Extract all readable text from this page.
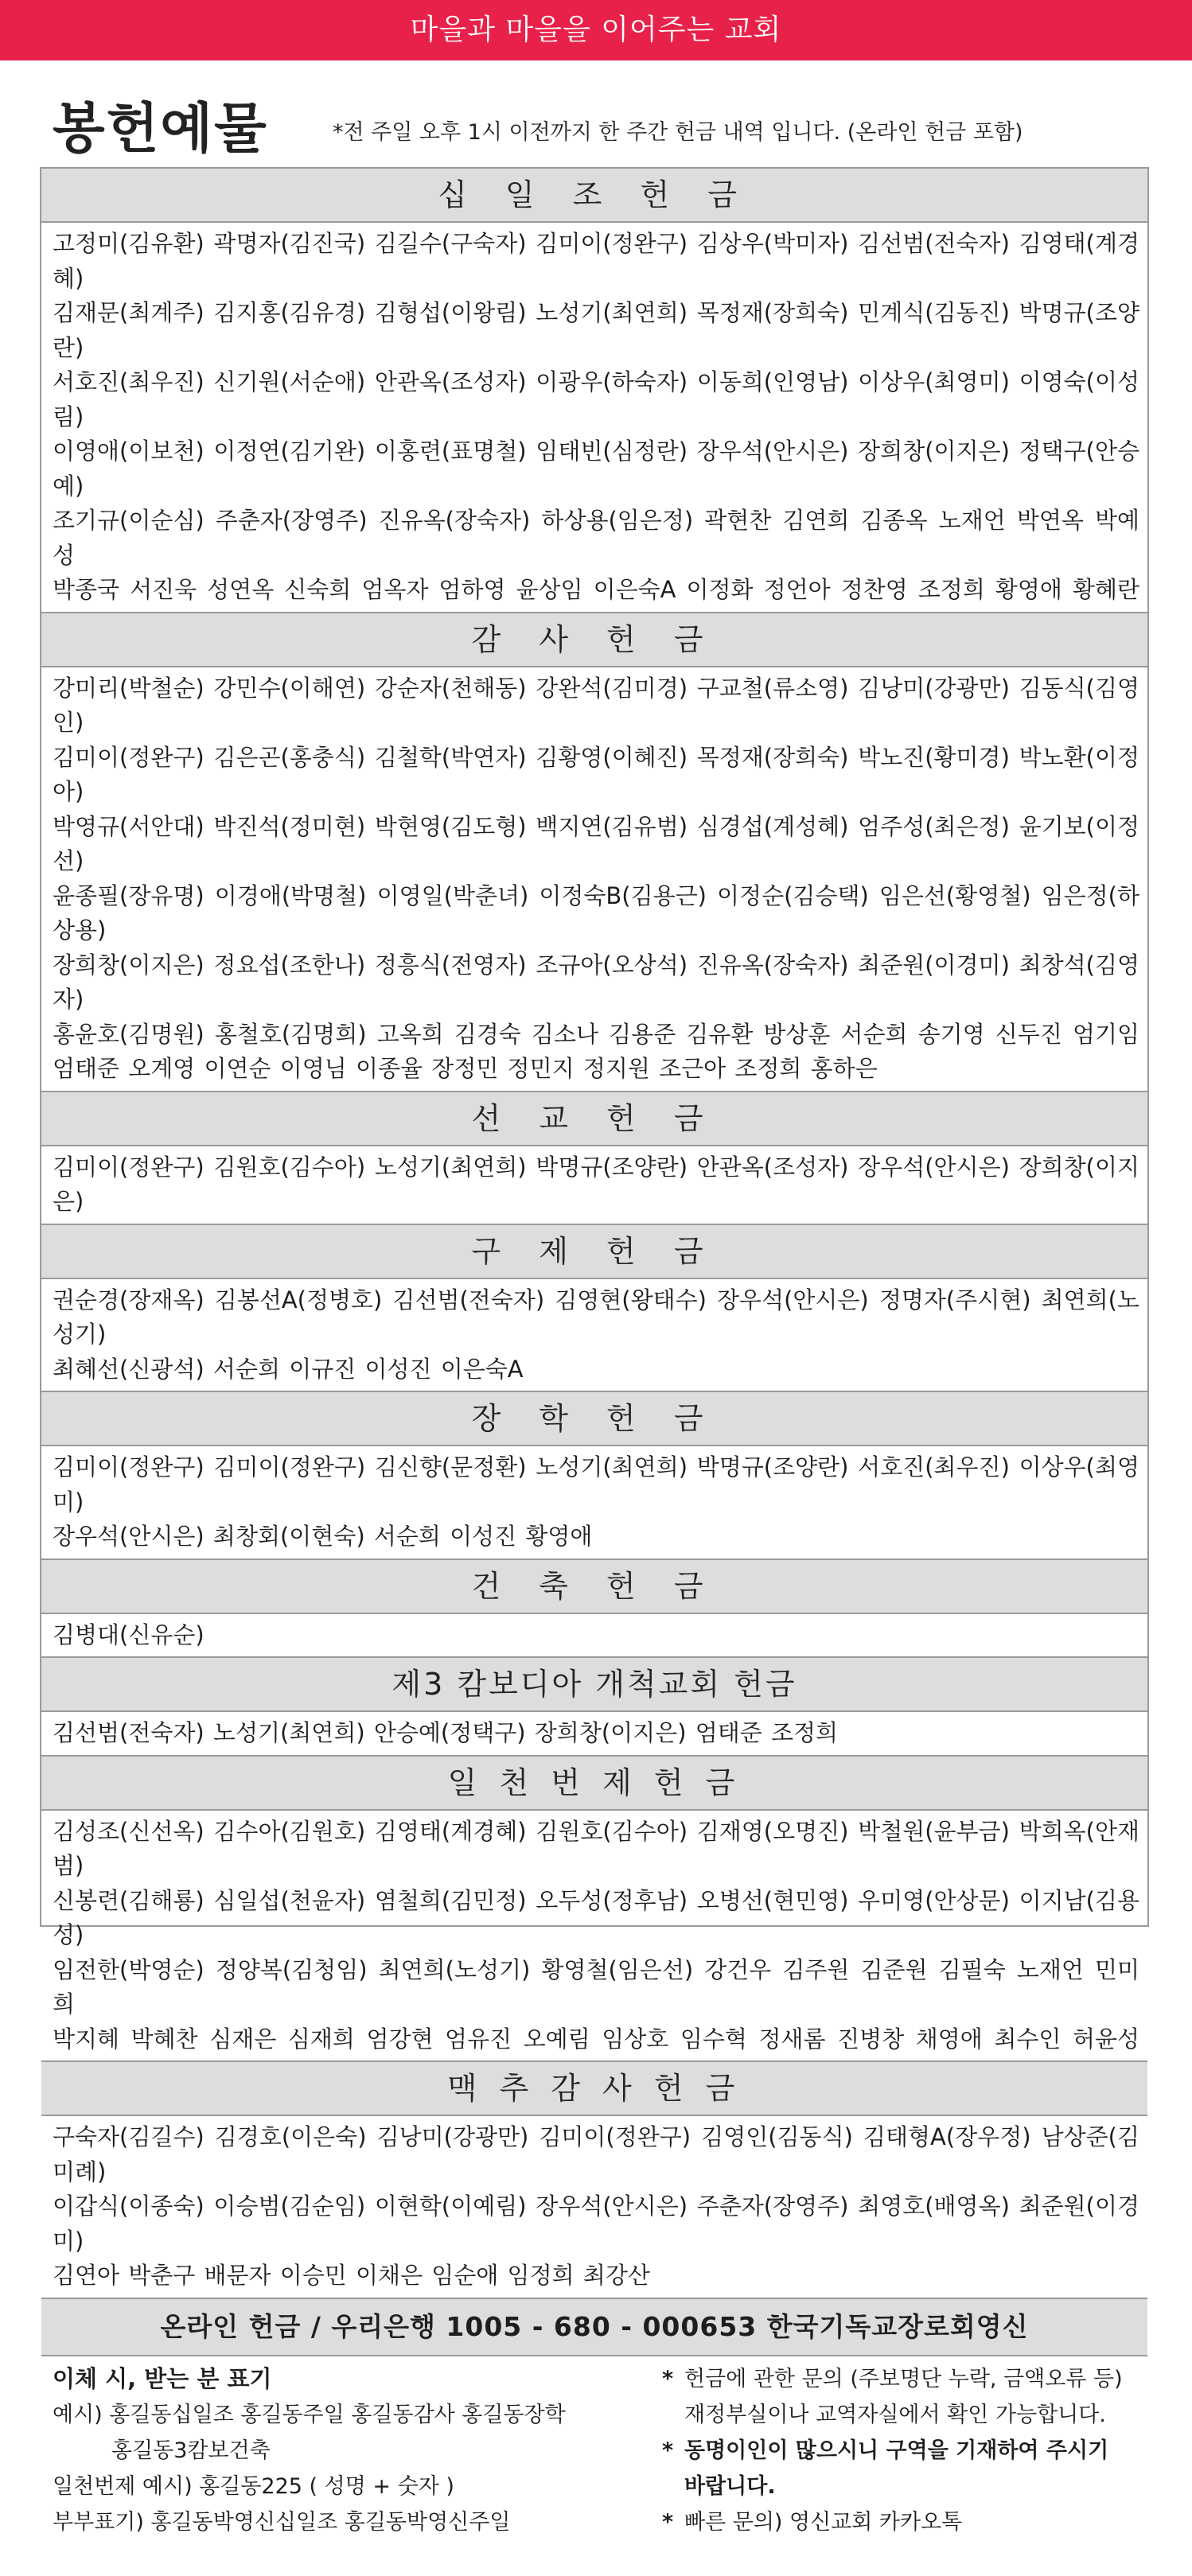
마을과 마을을 이어주는 교회
봉헌예물	*전 주일 오후 1시 이전까지 한 주간 헌금 내역 입니다. (온라인 헌금 포함)
십 일 조 헌 금
고정미(김유환) 곽명자(김진국) 김길수(구숙자) 김미이(정완구) 김상우(박미자) 김선범(전숙자) 김영태(계경혜)
김재문(최계주) 김지홍(김유경) 김형섭(이왕림) 노성기(최연희) 목정재(장희숙) 민계식(김동진) 박명규(조양란)
서호진(최우진) 신기원(서순애) 안관옥(조성자) 이광우(하숙자) 이동희(인영남) 이상우(최영미) 이영숙(이성림)
이영애(이보천) 이정연(김기완) 이홍련(표명철) 임태빈(심정란) 장우석(안시은) 장희창(이지은) 정택구(안승예)
조기규(이순심) 주춘자(장영주) 진유옥(장숙자) 하상용(임은정) 곽현찬 김연희 김종옥 노재언 박연옥 박예성
박종국 서진욱 성연옥 신숙희 엄옥자 엄하영 윤상임 이은숙A 이정화 정언아 정찬영 조정희 황영애 황혜란
감 사 헌 금
강미리(박철순) 강민수(이해연) 강순자(천해동) 강완석(김미경) 구교철(류소영) 김낭미(강광만) 김동식(김영인)
김미이(정완구) 김은곤(홍충식) 김철학(박연자) 김황영(이혜진) 목정재(장희숙) 박노진(황미경) 박노환(이정아)
박영규(서안대) 박진석(정미현) 박현영(김도형) 백지연(김유범) 심경섭(계성혜) 엄주성(최은정) 윤기보(이정선)
윤종필(장유명) 이경애(박명철) 이영일(박춘녀) 이정숙B(김용근) 이정순(김승택) 임은선(황영철) 임은정(하상용)
장희창(이지은) 정요섭(조한나) 정흥식(전영자) 조규아(오상석) 진유옥(장숙자) 최준원(이경미) 최창석(김영자)
홍윤호(김명원) 홍철호(김명희) 고옥희 김경숙 김소나 김용준 김유환 방상훈 서순희 송기영 신두진 엄기임
엄태준 오계영 이연순 이영님 이종율 장정민 정민지 정지원 조근아 조정희 홍하은
선 교 헌 금
김미이(정완구) 김원호(김수아) 노성기(최연희) 박명규(조양란) 안관옥(조성자) 장우석(안시은) 장희창(이지은)
구 제 헌 금
권순경(장재옥) 김봉선A(정병호) 김선범(전숙자) 김영현(왕태수) 장우석(안시은) 정명자(주시현) 최연희(노성기)
최혜선(신광석) 서순희 이규진 이성진 이은숙A
장 학 헌 금
김미이(정완구) 김미이(정완구) 김신향(문정환) 노성기(최연희) 박명규(조양란) 서호진(최우진) 이상우(최영미)
장우석(안시은) 최창회(이현숙) 서순희 이성진 황영애
건 축 헌 금
김병대(신유순)
제3 캄보디아 개척교회 헌금
김선범(전숙자) 노성기(최연희) 안승예(정택구) 장희창(이지은) 엄태준 조정희
일 천 번 제 헌 금
김성조(신선옥) 김수아(김원호) 김영태(계경혜) 김원호(김수아) 김재영(오명진) 박철원(윤부금) 박희옥(안재범)
신봉련(김해룡) 심일섭(천윤자) 염철희(김민정) 오두성(정후남) 오병선(현민영) 우미영(안상문) 이지남(김용성)
임전한(박영순) 정양복(김청임) 최연희(노성기) 황영철(임은선) 강건우 김주원 김준원 김필숙 노재언 민미희
박지혜 박혜찬 심재은 심재희 엄강현 엄유진 오예림 임상호 임수혁 정새롬 진병창 채영애 최수인 허윤성
맥 추 감 사 헌 금
구숙자(김길수) 김경호(이은숙) 김낭미(강광만) 김미이(정완구) 김영인(김동식) 김태형A(장우정) 남상준(김미례)
이갑식(이종숙) 이승범(김순임) 이현학(이예림) 장우석(안시은) 주춘자(장영주) 최영호(배영옥) 최준원(이경미)
김연아 박춘구 배문자 이승민 이채은 임순애 임정희 최강산
온라인 헌금 / 우리은행 1005 - 680 - 000653 한국기독교장로회영신
이체 시, 받는 분 표기
예시) 홍길동십일조 홍길동주일 홍길동감사 홍길동장학
홍길동3캄보건축
일천번제 예시) 홍길동225 ( 성명 + 숫자 )
부부표기) 홍길동박영신십일조 홍길동박영신주일
* 헌금에 관한 문의 (주보명단 누락, 금액오류 등)
재정부실이나 교역자실에서 확인 가능합니다.
* 동명이인이 많으시니 구역을 기재하여 주시기
바랍니다.
* 빠른 문의) 영신교회 카카오톡
